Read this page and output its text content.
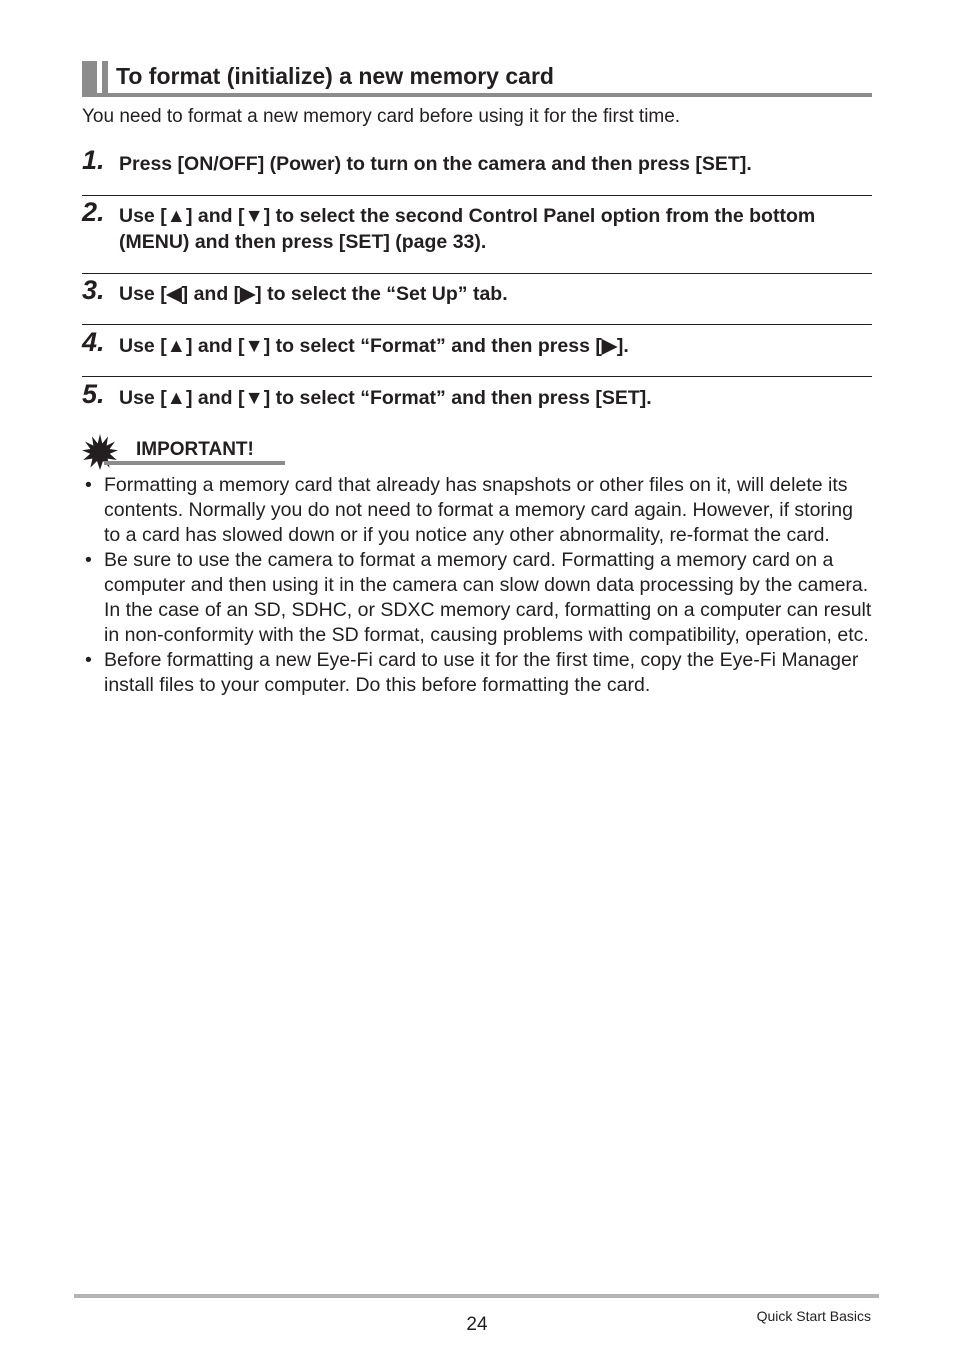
To format (initialize) a new memory card
You need to format a new memory card before using it for the first time.
1. Press [ON/OFF] (Power) to turn on the camera and then press [SET].
2. Use [▲] and [▼] to select the second Control Panel option from the bottom (MENU) and then press [SET] (page 33).
3. Use [◀] and [▶] to select the “Set Up” tab.
4. Use [▲] and [▼] to select “Format” and then press [▶].
5. Use [▲] and [▼] to select “Format” and then press [SET].
IMPORTANT!
• Formatting a memory card that already has snapshots or other files on it, will delete its contents. Normally you do not need to format a memory card again. However, if storing to a card has slowed down or if you notice any other abnormality, re-format the card.
• Be sure to use the camera to format a memory card. Formatting a memory card on a computer and then using it in the camera can slow down data processing by the camera. In the case of an SD, SDHC, or SDXC memory card, formatting on a computer can result in non-conformity with the SD format, causing problems with compatibility, operation, etc.
• Before formatting a new Eye-Fi card to use it for the first time, copy the Eye-Fi Manager install files to your computer. Do this before formatting the card.
24	Quick Start Basics
